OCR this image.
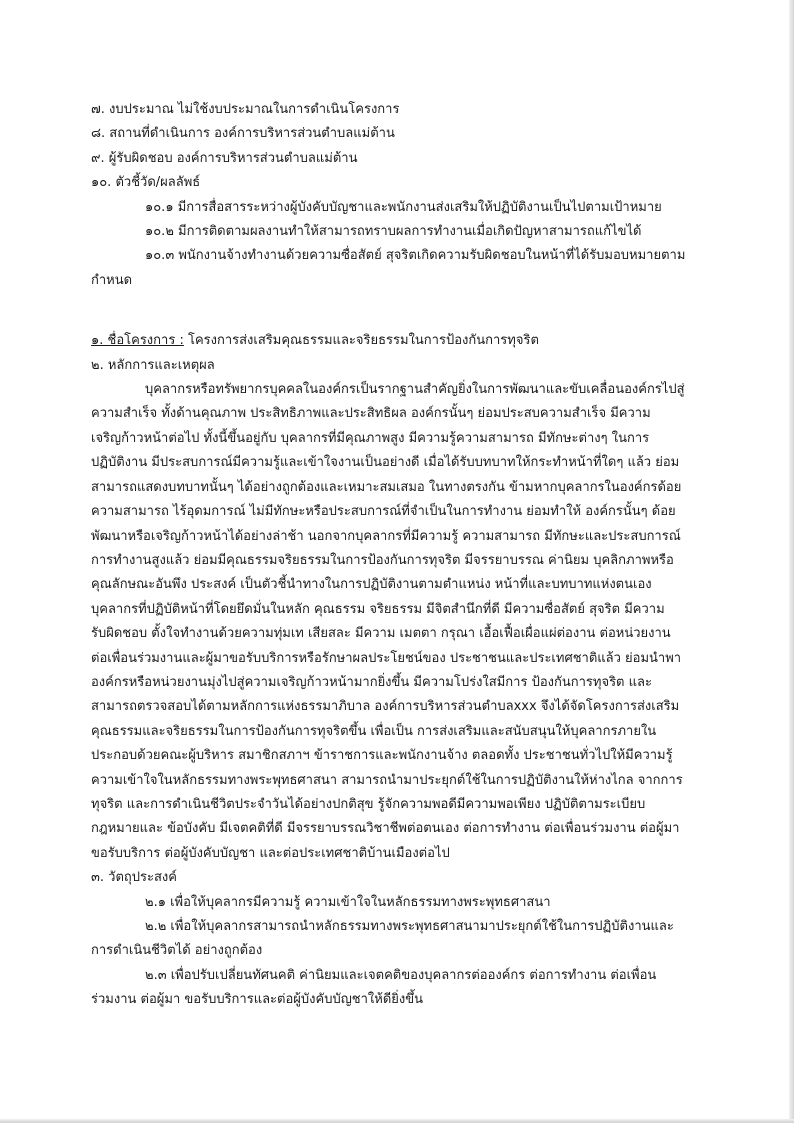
๗. งบประมาณ ไม่ใช้งบประมาณในการดำเนินโครงการ
๘. สถานที่ดำเนินการ องค์การบริหารส่วนตำบลแม่ต้าน
๙. ผู้รับผิดชอบ องค์การบริหารส่วนตำบลแม่ต้าน
๑๐. ตัวชี้วัด/ผลลัพธ์
๑๐.๑ มีการสื่อสารระหว่างผู้บังคับบัญชาและพนักงานส่งเสริมให้ปฏิบัติงานเป็นไปตามเป้าหมาย
๑๐.๒ มีการติดตามผลงานทำให้สามารถทราบผลการทำงานเมื่อเกิดปัญหาสามารถแก้ไขได้
๑๐.๓ พนักงานจ้างทำงานด้วยความซื่อสัตย์ สุจริตเกิดความรับผิดชอบในหน้าที่ได้รับมอบหมายตาม
กำหนด
๑. ชื่อโครงการ : โครงการส่งเสริมคุณธรรมและจริยธรรมในการป้องกันการทุจริต
๒. หลักการและเหตุผล
บุคลากรหรือทรัพยากรบุคคลในองค์กรเป็นรากฐานสำคัญยิ่งในการพัฒนาและขับเคลื่อนองค์กรไปสู่
ความสำเร็จ ทั้งด้านคุณภาพ ประสิทธิภาพและประสิทธิผล องค์กรนั้นๆ ย่อมประสบความสำเร็จ มีความ
เจริญก้าวหน้าต่อไป ทั้งนี้ขึ้นอยู่กับ บุคลากรที่มีคุณภาพสูง มีความรู้ความสามารถ มีทักษะต่างๆ ในการ
ปฏิบัติงาน มีประสบการณ์มีความรู้และเข้าใจงานเป็นอย่างดี เมื่อได้รับบทบาทให้กระทำหน้าที่ใดๆ แล้ว ย่อม
สามารถแสดงบทบาทนั้นๆ ได้อย่างถูกต้องและเหมาะสมเสมอ ในทางตรงกัน ข้ามหากบุคลากรในองค์กรด้อย
ความสามารถ ไร้อุดมการณ์ ไม่มีทักษะหรือประสบการณ์ที่จำเป็นในการทำงาน ย่อมทำให้ องค์กรนั้นๆ ด้อย
พัฒนาหรือเจริญก้าวหน้าได้อย่างล่าช้า นอกจากบุคลากรที่มีความรู้ ความสามารถ มีทักษะและประสบการณ์
การทำงานสูงแล้ว ย่อมมีคุณธรรมจริยธรรมในการป้องกันการทุจริต มีจรรยาบรรณ ค่านิยม บุคลิกภาพหรือ
คุณลักษณะอันพึง ประสงค์ เป็นตัวชี้นำทางในการปฏิบัติงานตามตำแหน่ง หน้าที่และบทบาทแห่งตนเอง
บุคลากรที่ปฏิบัติหน้าที่โดยยึดมั่นในหลัก คุณธรรม จริยธรรม มีจิตสำนึกที่ดี มีความซื่อสัตย์ สุจริต มีความ
รับผิดชอบ ตั้งใจทำงานด้วยความทุ่มเท เสียสละ มีความ เมตตา กรุณา เอื้อเฟื้อเผื่อแผ่ต่องาน ต่อหน่วยงาน
ต่อเพื่อนร่วมงานและผู้มาขอรับบริการหรือรักษาผลประโยชน์ของ ประชาชนและประเทศชาติแล้ว ย่อมนำพา
องค์กรหรือหน่วยงานมุ่งไปสู่ความเจริญก้าวหน้ามากยิ่งขึ้น มีความโปร่งใสมีการ ป้องกันการทุจริต และ
สามารถตรวจสอบได้ตามหลักการแห่งธรรมาภิบาล องค์การบริหารส่วนตำบลxxx จึงได้จัดโครงการส่งเสริม
คุณธรรมและจริยธรรมในการป้องกันการทุจริตขึ้น เพื่อเป็น การส่งเสริมและสนับสนุนให้บุคลากรภายใน
ประกอบด้วยคณะผู้บริหาร สมาชิกสภาฯ ข้าราชการและพนักงานจ้าง ตลอดทั้ง ประชาชนทั่วไปให้มีความรู้
ความเข้าใจในหลักธรรมทางพระพุทธศาสนา สามารถนำมาประยุกต์ใช้ในการปฏิบัติงานให้ห่างไกล จากการ
ทุจริต และการดำเนินชีวิตประจำวันได้อย่างปกติสุข รู้จักความพอดีมีความพอเพียง ปฏิบัติตามระเบียบ
กฎหมายและ ข้อบังคับ มีเจตคติที่ดี มีจรรยาบรรณวิชาชีพต่อตนเอง ต่อการทำงาน ต่อเพื่อนร่วมงาน ต่อผู้มา
ขอรับบริการ ต่อผู้บังคับบัญชา และต่อประเทศชาติบ้านเมืองต่อไป
๓. วัตถุประสงค์
๒.๑ เพื่อให้บุคลากรมีความรู้ ความเข้าใจในหลักธรรมทางพระพุทธศาสนา
๒.๒ เพื่อให้บุคลากรสามารถนำหลักธรรมทางพระพุทธศาสนามาประยุกต์ใช้ในการปฏิบัติงานและ
การดำเนินชีวิตได้ อย่างถูกต้อง
๒.๓ เพื่อปรับเปลี่ยนทัศนคติ ค่านิยมและเจตคติของบุคลากรต่อองค์กร ต่อการทำงาน ต่อเพื่อน
ร่วมงาน ต่อผู้มา ขอรับบริการและต่อผู้บังคับบัญชาให้ดียิ่งขึ้น
